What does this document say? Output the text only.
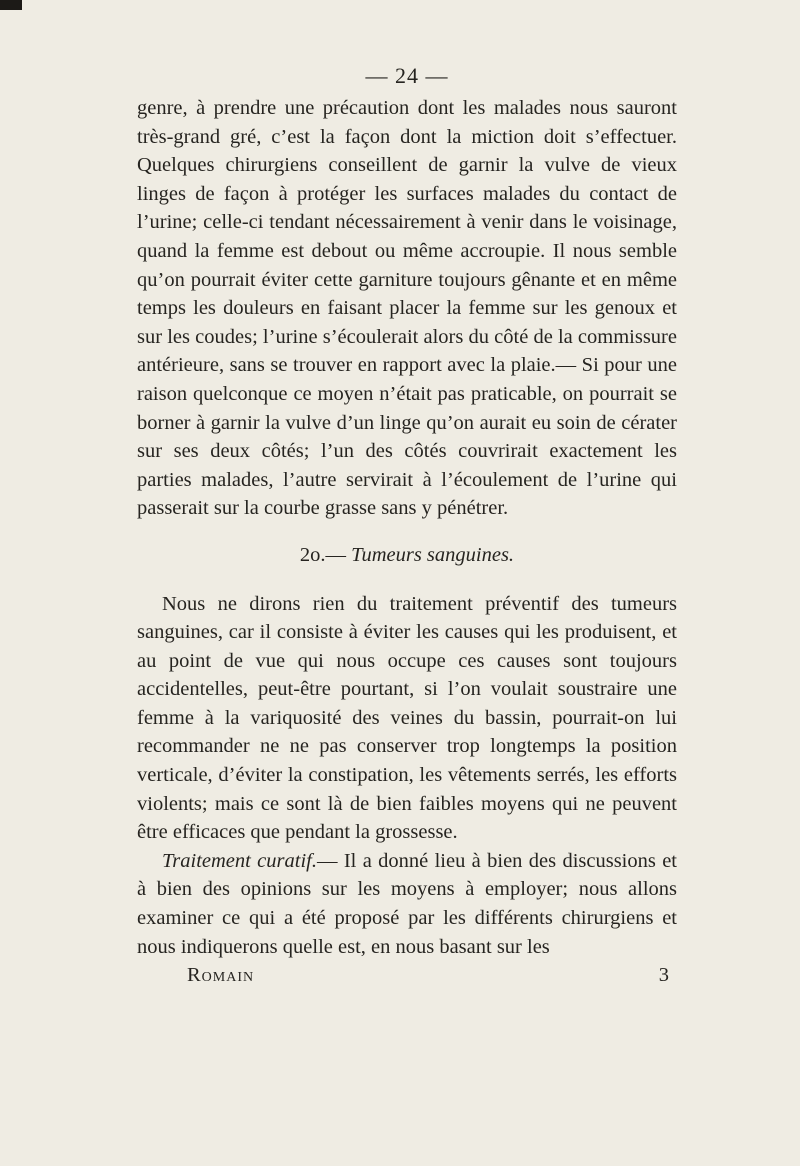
— 24 —

genre, à prendre une précaution dont les malades nous sauront très-grand gré, c’est la façon dont la miction doit s’effectuer. Quelques chirurgiens conseillent de garnir la vulve de vieux linges de façon à protéger les surfaces malades du contact de l’urine; celle-ci tendant nécessairement à venir dans le voisinage, quand la femme est debout ou même accroupie. Il nous semble qu’on pourrait éviter cette garniture toujours gênante et en même temps les douleurs en faisant placer la femme sur les genoux et sur les coudes; l’urine s’écoulerait alors du côté de la commissure antérieure, sans se trouver en rapport avec la plaie.— Si pour une raison quelconque ce moyen n’était pas praticable, on pourrait se borner à garnir la vulve d’un linge qu’on aurait eu soin de cérater sur ses deux côtés; l’un des côtés couvrirait exactement les parties malades, l’autre servirait à l’écoulement de l’urine qui passerait sur la courbe grasse sans y pénétrer.

2o.— Tumeurs sanguines.

Nous ne dirons rien du traitement préventif des tumeurs sanguines, car il consiste à éviter les causes qui les produisent, et au point de vue qui nous occupe ces causes sont toujours accidentelles, peut-être pourtant, si l’on voulait soustraire une femme à la variquosité des veines du bassin, pourrait-on lui recommander ne ne pas conserver trop longtemps la position verticale, d’éviter la constipation, les vêtements serrés, les efforts violents; mais ce sont là de bien faibles moyens qui ne peuvent être efficaces que pendant la grossesse.

Traitement curatif.— Il a donné lieu à bien des discussions et à bien des opinions sur les moyens à employer; nous allons examiner ce qui a été proposé par les différents chirurgiens et nous indiquerons quelle est, en nous basant sur les

Romain	3
